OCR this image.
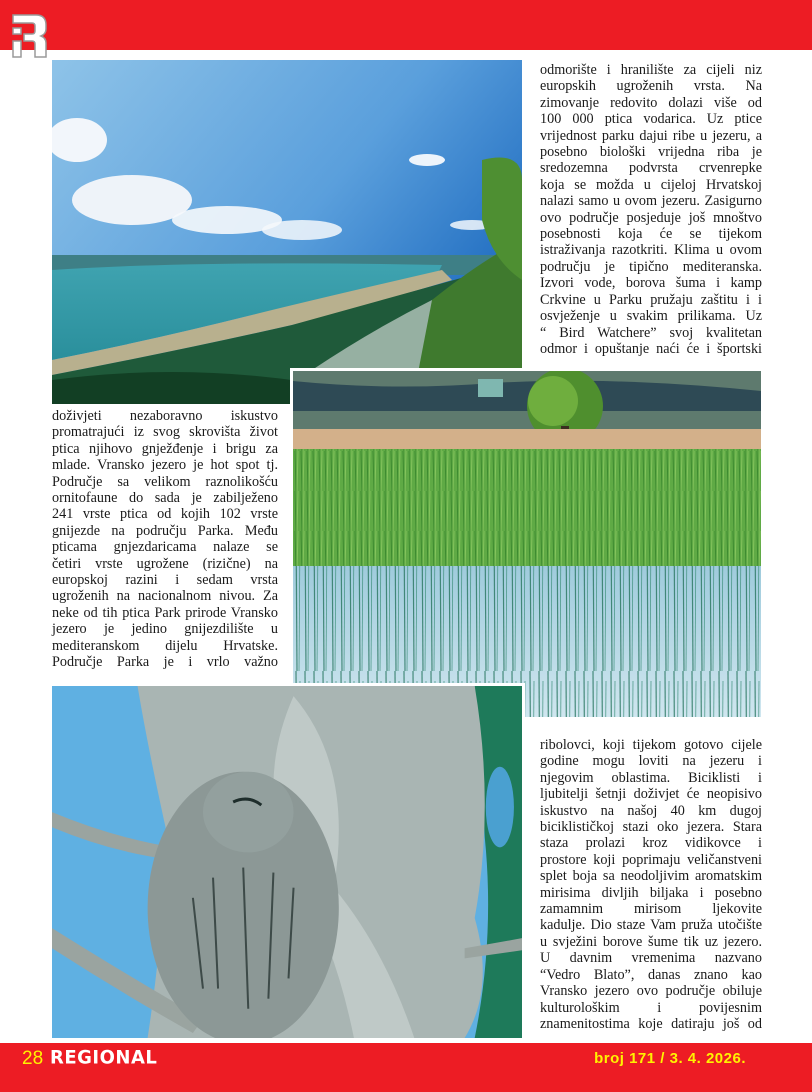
odmorište i hranilište za cijeli niz
europskih ugroženih vrsta. Na
zimovanje redovito dolazi više od
100 000 ptica vodarica. Uz ptice
vrijednost parku dajui ribe u jezeru, a
posebno biološki vrijedna riba je
sredozemna podvrsta crvenrepke
koja se možda u cijeloj Hrvatskoj
nalazi samo u ovom jezeru. Zasigurno
ovo područje posjeduje još mnoštvo
posebnosti koja će se tijekom
istraživanja razotkriti. Klima u ovom
području je tipično mediteranska.
Izvori vode, borova šuma i kamp
Crkvine u Parku pružaju zaštitu i i
osvježenje u svakim prilikama. Uz
“ Bird Watchere” svoj kvalitetan
odmor i opuštanje naći će i športski
doživjeti nezaboravno iskustvo
promatrajući iz svog skrovišta život
ptica njihovo gnježđenje i brigu za
mlade. Vransko jezero je hot spot tj.
Područje sa velikom raznolikošću
ornitofaune do sada je zabilježeno
241 vrste ptica od kojih 102 vrste
gnijezde na području Parka. Među
pticama gnjezdaricama nalaze se
četiri vrste ugrožene (rizične) na
europskoj razini i sedam vrsta
ugroženih na nacionalnom nivou. Za
neke od tih ptica Park prirode Vransko
jezero je jedino gnijezdilište u
mediteranskom dijelu Hrvatske.
Područje Parka je i vrlo važno
ribolovci, koji tijekom gotovo cijele
godine mogu loviti na jezeru i
njegovim oblastima. Biciklisti i
ljubitelji šetnji doživjet će neopisivo
iskustvo na našoj 40 km dugoj
biciklističkoj stazi oko jezera. Stara
staza prolazi kroz vidikovce i
prostore koji poprimaju veličanstveni
splet boja sa neodoljivim aromatskim
mirisima divljih biljaka i posebno
zamamnim mirisom ljekovite
kadulje. Dio staze Vam pruža utočište
u svježini borove šume tik uz jezero.
U davnim vremenima nazvano
“Vedro Blato”, danas znano kao
Vransko jezero ovo područje obiluje
kulturološkim i povijesnim
znamenitostima koje datiraju još od
28 REGIONAL	broj 171 / 3. 4. 2026.
